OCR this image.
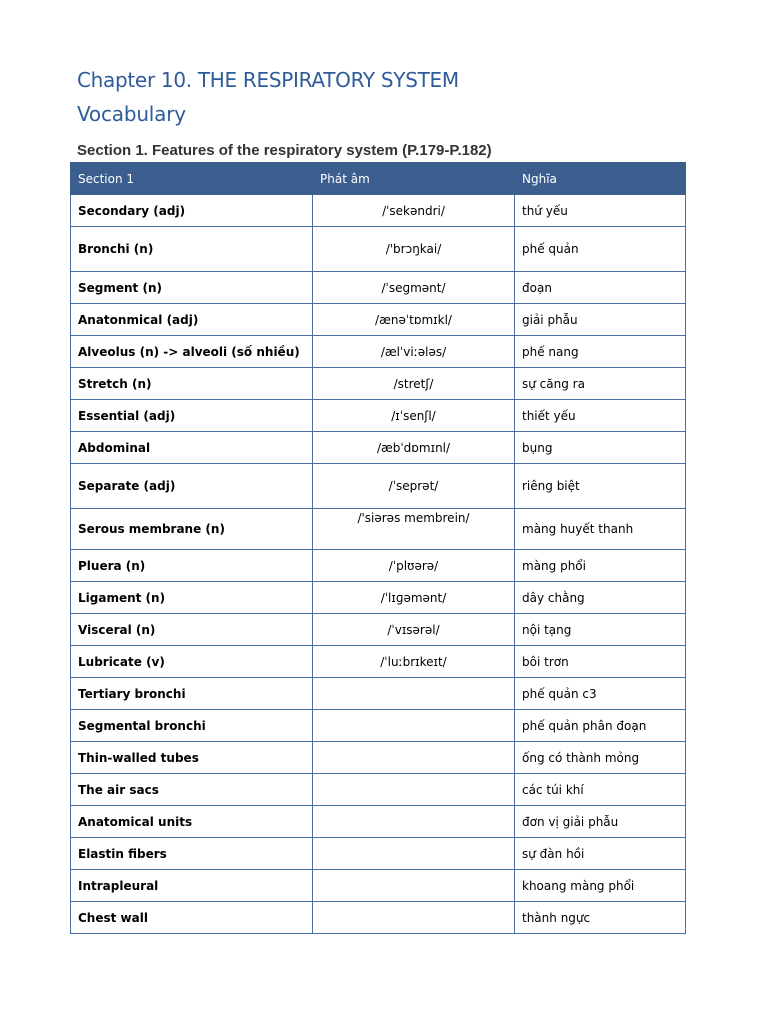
Chapter 10. THE RESPIRATORY SYSTEM
Vocabulary
Section 1. Features of the respiratory system (P.179-P.182)
Section 1	Phát âm	Nghĩa
Secondary (adj)	/ˈsekəndri/	thứ yếu
Bronchi (n)	/'brɔŋkai/	phế quản
Segment (n)	/ˈseɡmənt/	đoạn
Anatonmical (adj)	/ænəˈtɒmɪkl/	giải phẫu
Alveolus (n) -> alveoli (số nhiều)	/ælˈviːələs/	phế nang
Stretch (n)	/stretʃ/	sự căng ra
Essential (adj)	/ɪˈsenʃl/	thiết yếu
Abdominal	/æbˈdɒmɪnl/	bụng
Separate (adj)	/ˈseprət/	riêng biệt
Serous membrane (n)	/'siərəs membrein/	màng huyết thanh
Pluera (n)	/ˈplʊərə/	màng phổi
Ligament (n)	/ˈlɪɡəmənt/	dây chằng
Visceral (n)	/ˈvɪsərəl/	nội tạng
Lubricate (v)	/ˈluːbrɪkeɪt/	bôi trơn
Tertiary bronchi		phế quản c3
Segmental bronchi		phế quản phân đoạn
Thin-walled tubes		ống có thành mỏng
The air sacs		các túi khí
Anatomical units		đơn vị giải phẫu
Elastin fibers		sự đàn hồi
Intrapleural		khoang màng phổi
Chest wall		thành ngực
